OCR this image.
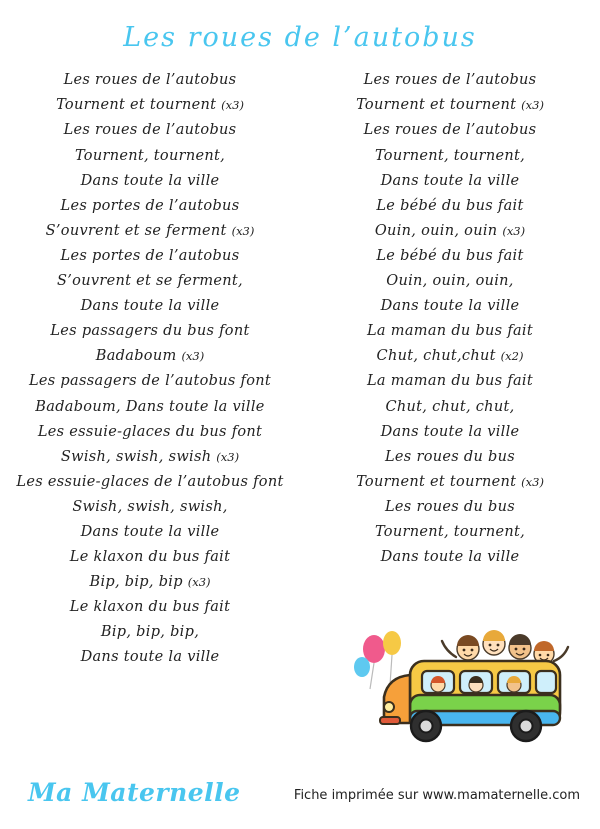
Les roues de l’autobus
Les roues de l’autobus
Tournent et tournent (x3)
Les roues de l’autobus
Tournent, tournent,
Dans toute la ville
Les portes de l’autobus
S’ouvrent et se ferment (x3)
Les portes de l’autobus
S’ouvrent et se ferment,
Dans toute la ville
Les passagers du bus font
Badaboum (x3)
Les passagers de l’autobus font
Badaboum, Dans toute la ville
Les essuie-glaces du bus font
Swish, swish, swish (x3)
Les essuie-glaces de l’autobus font
Swish, swish, swish,
Dans toute la ville
Le klaxon du bus fait
Bip, bip, bip (x3)
Le klaxon du bus fait
Bip, bip, bip,
Dans toute la ville
Les roues de l’autobus
Tournent et tournent (x3)
Les roues de l’autobus
Tournent, tournent,
Dans toute la ville
Le bébé du bus fait
Ouin, ouin, ouin (x3)
Le bébé du bus fait
Ouin, ouin, ouin,
Dans toute la ville
La maman du bus fait
Chut, chut,chut (x2)
La maman du bus fait
Chut, chut, chut,
Dans toute la ville
Les roues du bus
Tournent et tournent (x3)
Les roues du bus
Tournent, tournent,
Dans toute la ville
Ma Maternelle	Fiche imprimée sur www.mamaternelle.com
